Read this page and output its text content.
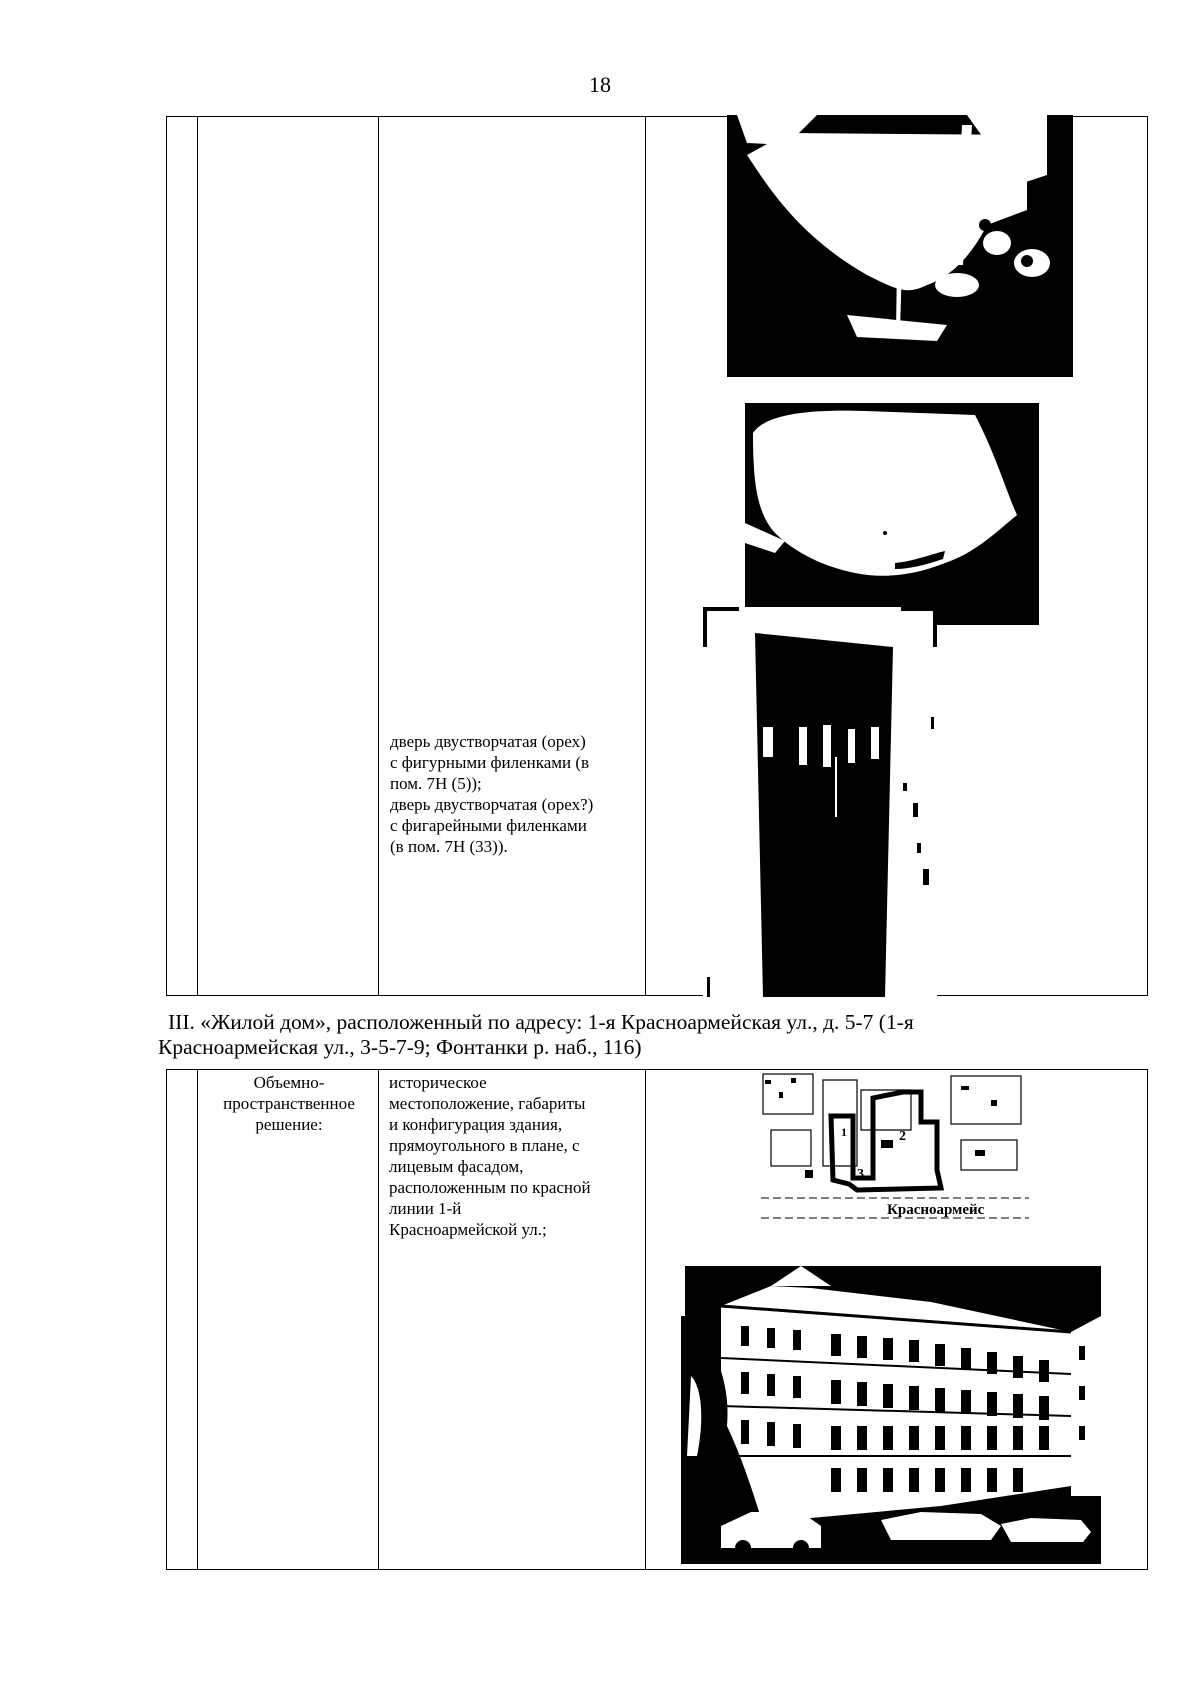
18

дверь двустворчатая (орех)

с фигурными филенками (в

пом. 7Н (5));

дверь двустворчатая (орех?)

с фигарейными филенками

(в пом. 7Н (33)).

III. «Жилой дом», расположенный по адресу: 1-я Красноармейская ул., д. 5-7 (1-я
Красноармейская ул., 3-5-7-9; Фонтанки р. наб., 116)

Объемно-

пространственное

решение:

историческое

местоположение, габариты

и конфигурация здания,

прямоугольного в плане, с

лицевым фасадом,

расположенным по красной

линии 1-й

Красноармейской ул.;

2
3
1
Красноармейс
